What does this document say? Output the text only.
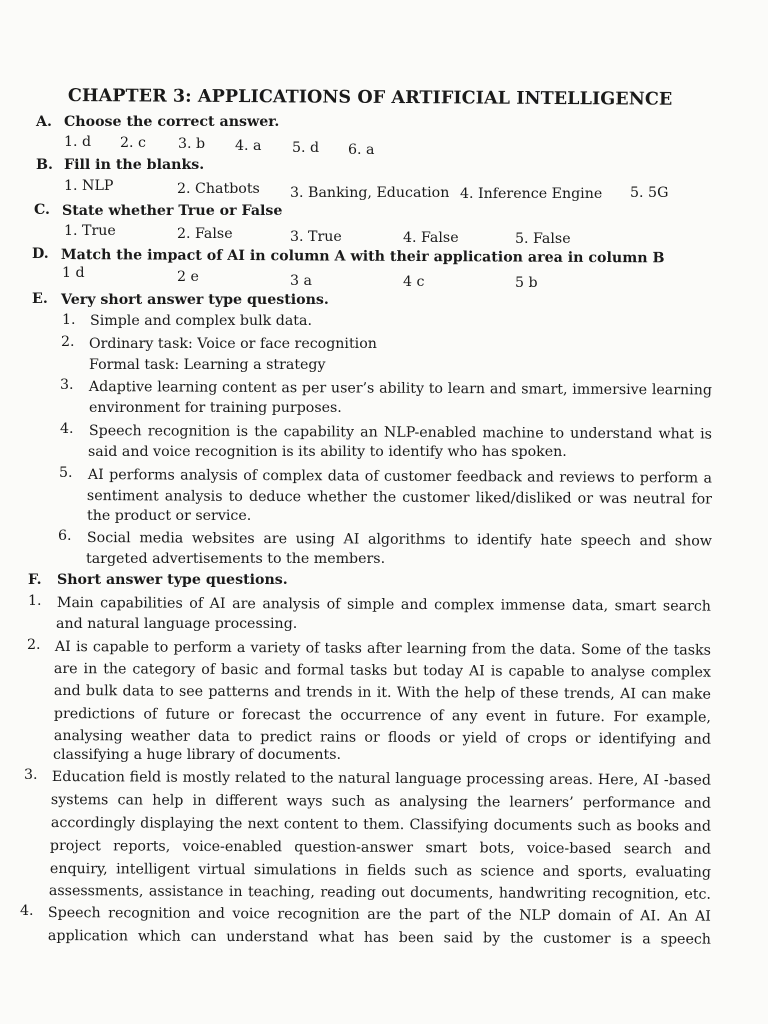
CHAPTER 3: APPLICATIONS OF ARTIFICIAL INTELLIGENCE
A. Choose the correct answer.
1. d 2. c 3. b 4. a 5. d 6. a
B. Fill in the blanks.
1. NLP	2. Chatbots 3. Banking, Education 4. Inference Engine 5. 5G
C. State whether True or False
1. True	2. False	3. True	4. False	5. False
D. Match the impact of AI in column A with their application area in column B
1 d	2 e	3 a	4 c	5 b
E. Very short answer type questions.
1. Simple and complex bulk data.
2. Ordinary task: Voice or face recognition
Formal task: Learning a strategy
3. Adaptive learning content as per user’s ability to learn and smart, immersive learning
environment for training purposes.
4. Speech recognition is the capability an NLP-enabled machine to understand what is
said and voice recognition is its ability to identify who has spoken.
5. AI performs analysis of complex data of customer feedback and reviews to perform a
sentiment analysis to deduce whether the customer liked/disliked or was neutral for
the product or service.
6. Social media websites are using AI algorithms to identify hate speech and show
targeted advertisements to the members.
F. Short answer type questions.
1. Main capabilities of AI are analysis of simple and complex immense data, smart search
and natural language processing.
2. AI is capable to perform a variety of tasks after learning from the data. Some of the tasks
are in the category of basic and formal tasks but today AI is capable to analyse complex
and bulk data to see patterns and trends in it. With the help of these trends, AI can make
predictions of future or forecast the occurrence of any event in future. For example,
analysing weather data to predict rains or floods or yield of crops or identifying and
classifying a huge library of documents.
3. Education field is mostly related to the natural language processing areas. Here, AI -based
systems can help in different ways such as analysing the learners’ performance and
accordingly displaying the next content to them. Classifying documents such as books and
project reports, voice-enabled question-answer smart bots, voice-based search and
enquiry, intelligent virtual simulations in fields such as science and sports, evaluating
assessments, assistance in teaching, reading out documents, handwriting recognition, etc.
4. Speech recognition and voice recognition are the part of the NLP domain of AI. An AI
application which can understand what has been said by the customer is a speech
